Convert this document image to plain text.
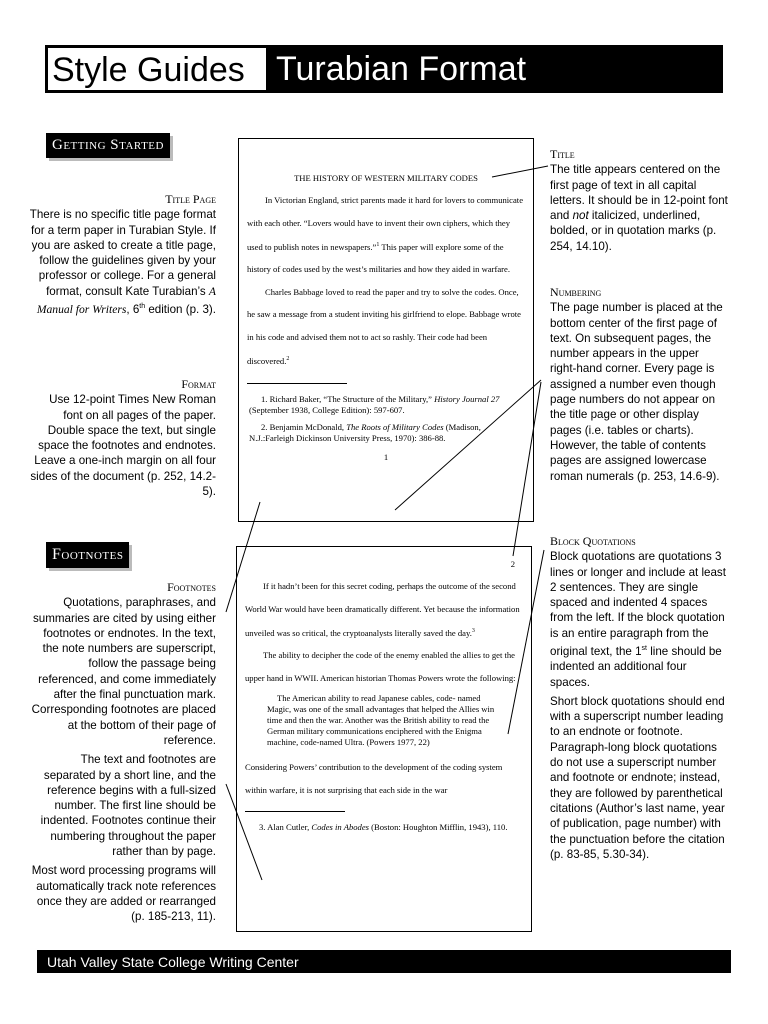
Style Guides Turabian Format
Getting Started
Footnotes
Title Page
There is no specific title page format for a term paper in Turabian Style. If you are asked to create a title page, follow the guidelines given by your professor or college. For a general format, consult Kate Turabian’s A Manual for Writers, 6th edition (p. 3).
Format
Use 12-point Times New Roman font on all pages of the paper. Double space the text, but single space the footnotes and endnotes. Leave a one-inch margin on all four sides of the document (p. 252, 14.2-5).
Footnotes

Quotations, paraphrases, and summaries are cited by using either footnotes or endnotes. In the text, the note numbers are superscript, follow the passage being referenced, and come immediately after the final punctuation mark. Corresponding footnotes are placed at the bottom of their page of reference.

The text and footnotes are separated by a short line, and the reference begins with a full-sized number. The first line should be indented. Footnotes continue their numbering throughout the paper rather than by page.

Most word processing programs will automatically track note references once they are added or rearranged (p. 185-213, 11).

Title
The title appears centered on the first page of text in all capital letters. It should be in 12-point font and not italicized, underlined, bolded, or in quotation marks (p. 254, 14.10).
Numbering
The page number is placed at the bottom center of the first page of text. On subsequent pages, the number appears in the upper right-hand corner. Every page is assigned a number even though page numbers do not appear on the title page or other display pages (i.e. tables or charts). However, the table of contents pages are assigned lowercase roman numerals (p. 253, 14.6-9).
Block Quotations

Block quotations are quotations 3 lines or longer and include at least 2 sentences. They are single spaced and indented 4 spaces from the left. If the block quotation is an entire paragraph from the original text, the 1st line should be indented an additional four spaces.

Short block quotations should end with a superscript number leading to an endnote or footnote. Paragraph-long block quotations do not use a superscript number and footnote or endnote; instead, they are followed by parenthetical citations (Author’s last name, year of publication, page number) with the punctuation before the citation (p. 83-85, 5.30-34).

THE HISTORY OF WESTERN MILITARY CODES

In Victorian England, strict parents made it hard for lovers to communicate with each other. “Lovers would have to invent their own ciphers, which they used to publish notes in newspapers.”$^1$ This paper will explore some of the history of codes used by the west’s militaries and how they aided in warfare.

Charles Babbage loved to read the paper and try to solve the codes. Once, he saw a message from a student inviting his girlfriend to elope. Babbage wrote in his code and advised them not to act so rashly. Their code had been discovered.$^2$

1. Richard Baker, “The Structure of the Military,” History Journal 27 (September 1938, College Edition): 597-607.

2. Benjamin McDonald, The Roots of Military Codes (Madison, N.J.:Farleigh Dickinson University Press, 1970): 386-88.

1
2

If it hadn’t been for this secret coding, perhaps the outcome of the second World War would have been dramatically different. Yet because the information unveiled was so critical, the cryptoanalysts literally saved the day.$^3$

The ability to decipher the code of the enemy enabled the allies to get the upper hand in WWII. American historian Thomas Powers wrote the following:

The American ability to read Japanese cables, code- named Magic, was one of the small advantages that helped the Allies win time and then the war. Another was the British ability to read the German military communications enciphered with the Enigma machine, code-named Ultra. (Powers 1977, 22)

Considering Powers’ contribution to the development of the coding system within warfare, it is not surprising that each side in the war

3. Alan Cutler, Codes in Abodes (Boston: Houghton Mifflin, 1943), 110.

Utah Valley State College Writing Center
